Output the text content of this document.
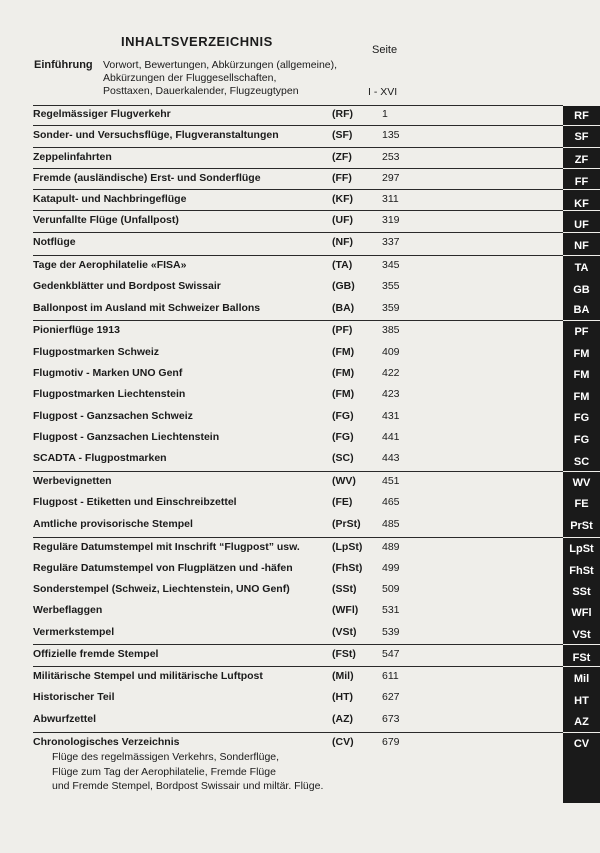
INHALTSVERZEICHNIS
Seite
Einführung Vorwort, Bewertungen, Abkürzungen (allgemeine),
Abkürzungen der Fluggesellschaften,
Posttaxen, Dauerkalender, Flugzeugtypen	I - XVI
Regelmässiger Flugverkehr	(RF)	1	RF
Sonder- und Versuchsflüge, Flugveranstaltungen	(SF)	135	SF
Zeppelinfahrten	(ZF)	253	ZF
Fremde (ausländische) Erst- und Sonderflüge	(FF)	297	FF
Katapult- und Nachbringeflüge	(KF)	311	KF
Verunfallte Flüge (Unfallpost)	(UF)	319	UF
Notflüge	(NF)	337	NF
Tage der Aerophilatelie «FISA»	(TA)	345	TA
Gedenkblätter und Bordpost Swissair	(GB)	355	GB
Ballonpost im Ausland mit Schweizer Ballons	(BA)	359	BA
Pionierflüge 1913	(PF)	385	PF
Flugpostmarken Schweiz	(FM)	409	FM
Flugmotiv - Marken UNO Genf	(FM)	422	FM
Flugpostmarken Liechtenstein	(FM)	423	FM
Flugpost - Ganzsachen Schweiz	(FG)	431	FG
Flugpost - Ganzsachen Liechtenstein	(FG)	441	FG
SCADTA - Flugpostmarken	(SC)	443	SC
Werbevignetten	(WV) 451	WV
Flugpost - Etiketten und Einschreibzettel	(FE)	465	FE
Amtliche provisorische Stempel	(PrSt) 485	PrSt
Reguläre Datumstempel mit Inschrift “Flugpost” usw.	(LpSt) 489	LpSt
Reguläre Datumstempel von Flugplätzen und -häfen	(FhSt) 499	FhSt
Sonderstempel (Schweiz, Liechtenstein, UNO Genf)	(SSt) 509	SSt
Werbeflaggen	(WFl) 531	WFl
Vermerkstempel	(VSt) 539	VSt
Offizielle fremde Stempel	(FSt) 547	FSt
Militärische Stempel und militärische Luftpost	(Mil)	611	Mil
Historischer Teil	(HT)	627	HT
Abwurfzettel	(AZ)	673	AZ
Chronologisches Verzeichnis	(CV)	679	CV
Flüge des regelmässigen Verkehrs, Sonderflüge,
Flüge zum Tag der Aerophilatelie, Fremde Flüge
und Fremde Stempel, Bordpost Swissair und miltär. Flüge.
